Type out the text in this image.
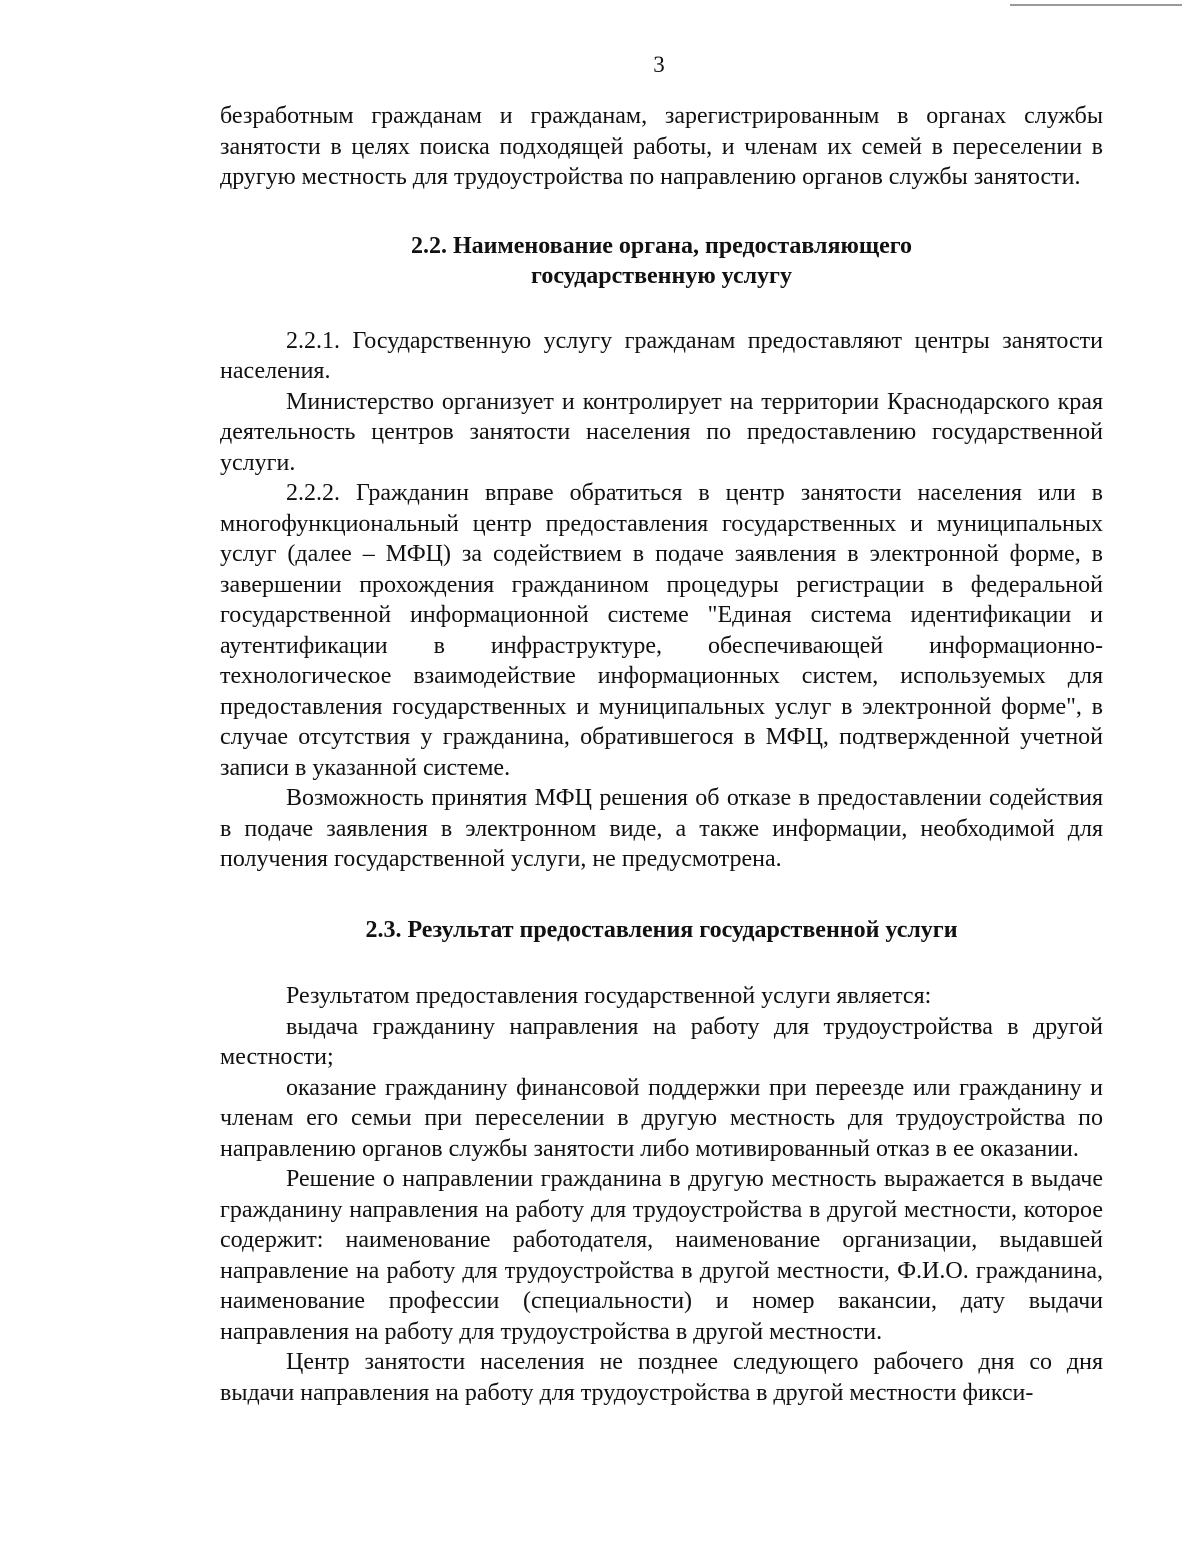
3

безработным гражданам и гражданам, зарегистрированным в органах службы занятости в целях поиска подходящей работы, и членам их семей в переселении в другую местность для трудоустройства по направлению органов службы занятости.

2.2. Наименование органа, предоставляющего
государственную услугу

2.2.1. Государственную услугу гражданам предоставляют центры занятости населения.

Министерство организует и контролирует на территории Краснодарского края деятельность центров занятости населения по предоставлению государственной услуги.

2.2.2. Гражданин вправе обратиться в центр занятости населения или в многофункциональный центр предоставления государственных и муниципальных услуг (далее – МФЦ) за содействием в подаче заявления в электронной форме, в завершении прохождения гражданином процедуры регистрации в федеральной государственной информационной системе "Единая система идентификации и аутентификации в инфраструктуре, обеспечивающей информационно-технологическое взаимодействие информационных систем, используемых для предоставления государственных и муниципальных услуг в электронной форме", в случае отсутствия у гражданина, обратившегося в МФЦ, подтвержденной учетной записи в указанной системе.

Возможность принятия МФЦ решения об отказе в предоставлении содействия в подаче заявления в электронном виде, а также информации, необходимой для получения государственной услуги, не предусмотрена.

2.3. Результат предоставления государственной услуги

Результатом предоставления государственной услуги является:

выдача гражданину направления на работу для трудоустройства в другой местности;

оказание гражданину финансовой поддержки при переезде или гражданину и членам его семьи при переселении в другую местность для трудоустройства по направлению органов службы занятости либо мотивированный отказ в ее оказании.

Решение о направлении гражданина в другую местность выражается в выдаче гражданину направления на работу для трудоустройства в другой местности, которое содержит: наименование работодателя, наименование организации, выдавшей направление на работу для трудоустройства в другой местности, Ф.И.О. гражданина, наименование профессии (специальности) и номер вакансии, дату выдачи направления на работу для трудоустройства в другой местности.

Центр занятости населения не позднее следующего рабочего дня со дня выдачи направления на работу для трудоустройства в другой местности фикси-
